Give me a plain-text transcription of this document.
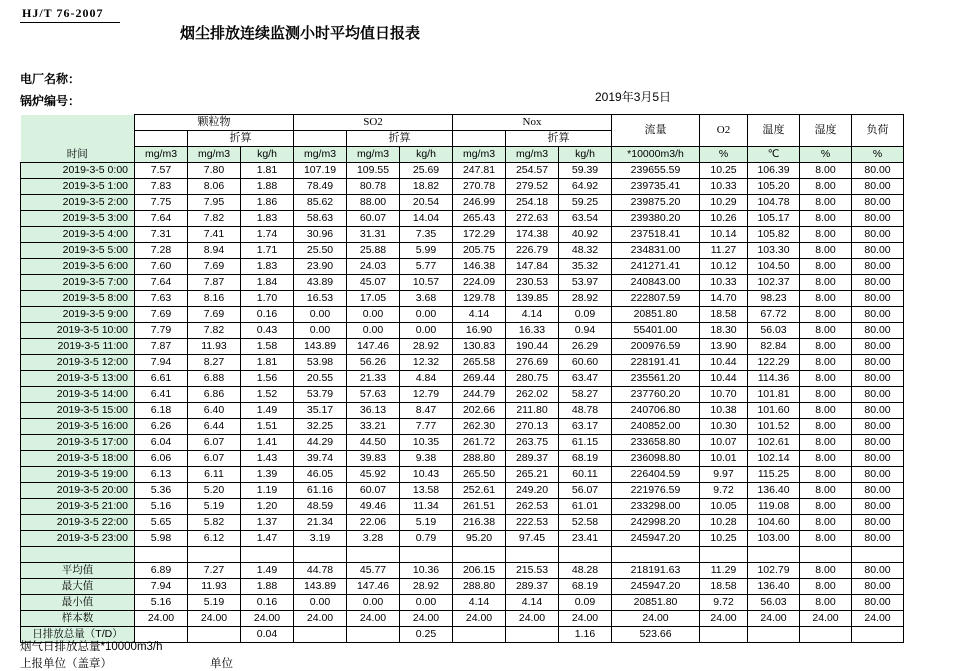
HJ/T 76-2007
烟尘排放连续监测小时平均值日报表
电厂名称：
锅炉编号：	2019年3月5日
时间	颗粒物			SO2			Nox			流量	O2	温度	湿度	负荷
		折算			折算			折算						
	mg/m3	mg/m3	kg/h	mg/m3	mg/m3	kg/h	mg/m3	mg/m3	kg/h	*10000m3/h	%	℃	%	%
2019-3-5 0:00	7.57	7.80	1.81	107.19	109.55	25.69	247.81	254.57	59.39	239655.59	10.25	106.39	8.00	80.00
2019-3-5 1:00	7.83	8.06	1.88	78.49	80.78	18.82	270.78	279.52	64.92	239735.41	10.33	105.20	8.00	80.00
2019-3-5 2:00	7.75	7.95	1.86	85.62	88.00	20.54	246.99	254.18	59.25	239875.20	10.29	104.78	8.00	80.00
2019-3-5 3:00	7.64	7.82	1.83	58.63	60.07	14.04	265.43	272.63	63.54	239380.20	10.26	105.17	8.00	80.00
2019-3-5 4:00	7.31	7.41	1.74	30.96	31.31	7.35	172.29	174.38	40.92	237518.41	10.14	105.82	8.00	80.00
2019-3-5 5:00	7.28	8.94	1.71	25.50	25.88	5.99	205.75	226.79	48.32	234831.00	11.27	103.30	8.00	80.00
2019-3-5 6:00	7.60	7.69	1.83	23.90	24.03	5.77	146.38	147.84	35.32	241271.41	10.12	104.50	8.00	80.00
2019-3-5 7:00	7.64	7.87	1.84	43.89	45.07	10.57	224.09	230.53	53.97	240843.00	10.33	102.37	8.00	80.00
2019-3-5 8:00	7.63	8.16	1.70	16.53	17.05	3.68	129.78	139.85	28.92	222807.59	14.70	98.23	8.00	80.00
2019-3-5 9:00	7.69	7.69	0.16	0.00	0.00	0.00	4.14	4.14	0.09	20851.80	18.58	67.72	8.00	80.00
2019-3-5 10:00	7.79	7.82	0.43	0.00	0.00	0.00	16.90	16.33	0.94	55401.00	18.30	56.03	8.00	80.00
2019-3-5 11:00	7.87	11.93	1.58	143.89	147.46	28.92	130.83	190.44	26.29	200976.59	13.90	82.84	8.00	80.00
2019-3-5 12:00	7.94	8.27	1.81	53.98	56.26	12.32	265.58	276.69	60.60	228191.41	10.44	122.29	8.00	80.00
2019-3-5 13:00	6.61	6.88	1.56	20.55	21.33	4.84	269.44	280.75	63.47	235561.20	10.44	114.36	8.00	80.00
2019-3-5 14:00	6.41	6.86	1.52	53.79	57.63	12.79	244.79	262.02	58.27	237760.20	10.70	101.81	8.00	80.00
2019-3-5 15:00	6.18	6.40	1.49	35.17	36.13	8.47	202.66	211.80	48.78	240706.80	10.38	101.60	8.00	80.00
2019-3-5 16:00	6.26	6.44	1.51	32.25	33.21	7.77	262.30	270.13	63.17	240852.00	10.30	101.52	8.00	80.00
2019-3-5 17:00	6.04	6.07	1.41	44.29	44.50	10.35	261.72	263.75	61.15	233658.80	10.07	102.61	8.00	80.00
2019-3-5 18:00	6.06	6.07	1.43	39.74	39.83	9.38	288.80	289.37	68.19	236098.80	10.01	102.14	8.00	80.00
2019-3-5 19:00	6.13	6.11	1.39	46.05	45.92	10.43	265.50	265.21	60.11	226404.59	9.97	115.25	8.00	80.00
2019-3-5 20:00	5.36	5.20	1.19	61.16	60.07	13.58	252.61	249.20	56.07	221976.59	9.72	136.40	8.00	80.00
2019-3-5 21:00	5.16	5.19	1.20	48.59	49.46	11.34	261.51	262.53	61.01	233298.00	10.05	119.08	8.00	80.00
2019-3-5 22:00	5.65	5.82	1.37	21.34	22.06	5.19	216.38	222.53	52.58	242998.20	10.28	104.60	8.00	80.00
2019-3-5 23:00	5.98	6.12	1.47	3.19	3.28	0.79	95.20	97.45	23.41	245947.20	10.25	103.00	8.00	80.00

平均值	6.89	7.27	1.49	44.78	45.77	10.36	206.15	215.53	48.28	218191.63	11.29	102.79	8.00	80.00
最大值	7.94	11.93	1.88	143.89	147.46	28.92	288.80	289.37	68.19	245947.20	18.58	136.40	8.00	80.00
最小值	5.16	5.19	0.16	0.00	0.00	0.00	4.14	4.14	0.09	20851.80	9.72	56.03	8.00	80.00
样本数	24.00	24.00	24.00	24.00	24.00	24.00	24.00	24.00	24.00	24.00	24.00	24.00	24.00	24.00
日排放总量（T/D）			0.04			0.25			1.16	523.66				
烟气日排放总量*10000m3/h
上报单位（盖章）	单位
